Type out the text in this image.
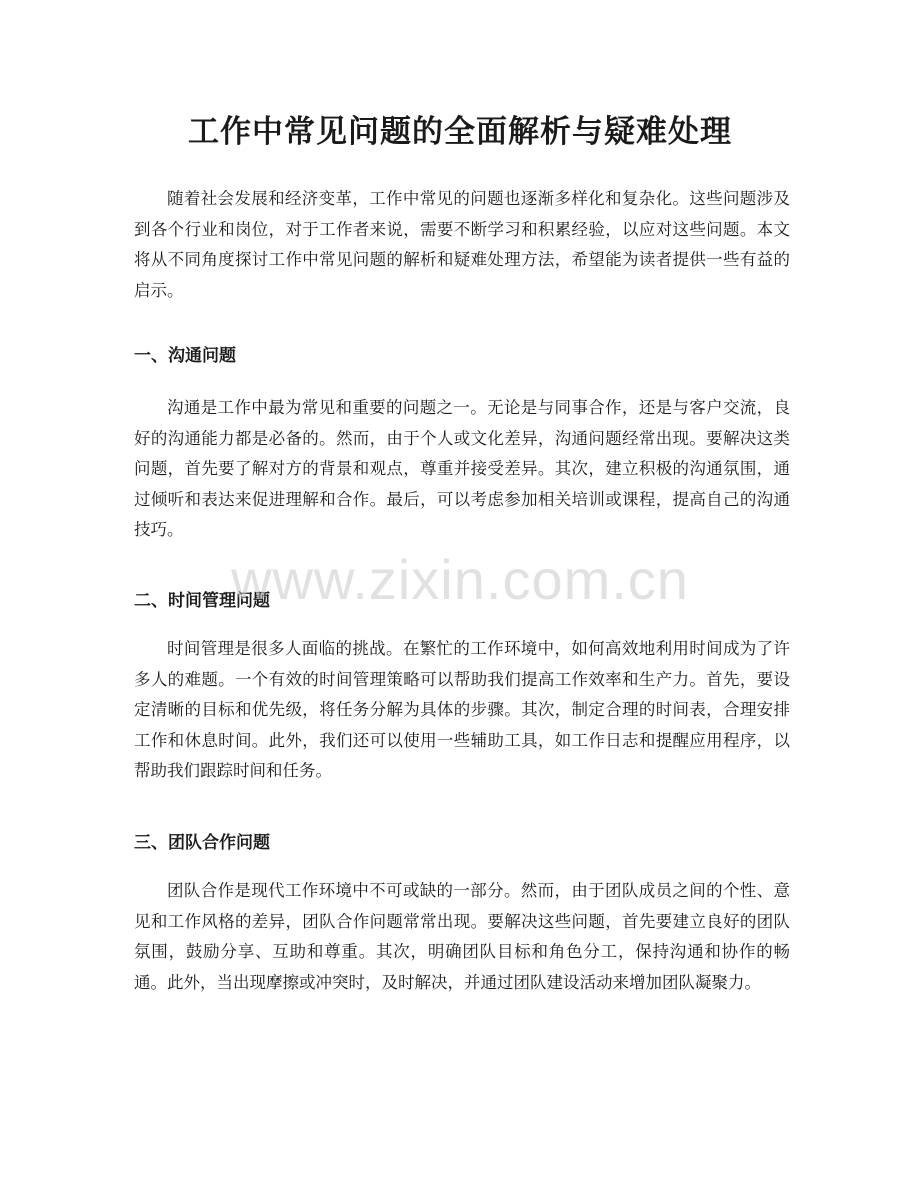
工作中常见问题的全面解析与疑难处理

随着社会发展和经济变革，工作中常见的问题也逐渐多样化和复杂化。这些问题涉及到各个行业和岗位，对于工作者来说，需要不断学习和积累经验，以应对这些问题。本文将从不同角度探讨工作中常见问题的解析和疑难处理方法，希望能为读者提供一些有益的启示。

一、沟通问题

沟通是工作中最为常见和重要的问题之一。无论是与同事合作，还是与客户交流，良好的沟通能力都是必备的。然而，由于个人或文化差异，沟通问题经常出现。要解决这类问题，首先要了解对方的背景和观点，尊重并接受差异。其次，建立积极的沟通氛围，通过倾听和表达来促进理解和合作。最后，可以考虑参加相关培训或课程，提高自己的沟通技巧。

二、时间管理问题

时间管理是很多人面临的挑战。在繁忙的工作环境中，如何高效地利用时间成为了许多人的难题。一个有效的时间管理策略可以帮助我们提高工作效率和生产力。首先，要设定清晰的目标和优先级，将任务分解为具体的步骤。其次，制定合理的时间表，合理安排工作和休息时间。此外，我们还可以使用一些辅助工具，如工作日志和提醒应用程序，以帮助我们跟踪时间和任务。

三、团队合作问题

团队合作是现代工作环境中不可或缺的一部分。然而，由于团队成员之间的个性、意见和工作风格的差异，团队合作问题常常出现。要解决这些问题，首先要建立良好的团队氛围，鼓励分享、互助和尊重。其次，明确团队目标和角色分工，保持沟通和协作的畅通。此外，当出现摩擦或冲突时，及时解决，并通过团队建设活动来增加团队凝聚力。

www.zixin.com.cn
